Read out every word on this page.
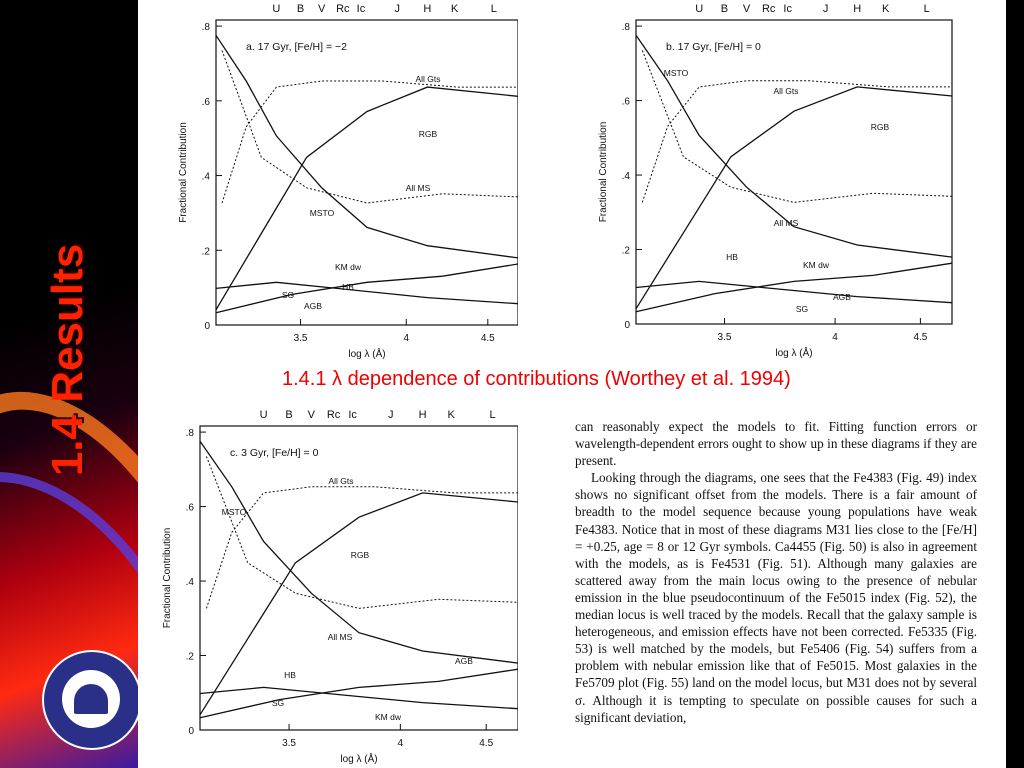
1.4 Results
U B V Rc Ic	J H K	L
0
.2
.4
.6
.8
3.5	4	4.5
log λ (Å)
Fractional Contribution
a. 17 Gyr, [Fe/H] = −2
All Gts
RGB
All MS
MSTO
KM dw
HB
SG
AGB
U B V Rc Ic	J H K	L
0
.2
.4
.6
.8
3.5	4	4.5
log λ (Å)
Fractional Contribution
b. 17 Gyr, [Fe/H] = 0
MSTO
All Gts
RGB
All MS
HB
KM dw
AGB
SG
U B V Rc Ic	J H K	L
0
.2
.4
.6
.8
3.5	4	4.5
log λ (Å)
Fractional Contribution
c. 3 Gyr, [Fe/H] = 0
All Gts
MSTO
RGB
All MS
HB
SG
KM dw
AGB
1.4.1 λ dependence of contributions (Worthey et al. 1994)

can reasonably expect the models to fit. Fitting function errors or wavelength-dependent errors ought to show up in these diagrams if they are present.

Looking through the diagrams, one sees that the Fe4383 (Fig. 49) index shows no significant offset from the models. There is a fair amount of breadth to the model sequence because young populations have weak Fe4383. Notice that in most of these diagrams M31 lies close to the [Fe/H] = +0.25, age = 8 or 12 Gyr symbols. Ca4455 (Fig. 50) is also in agreement with the models, as is Fe4531 (Fig. 51). Although many galaxies are scattered away from the main locus owing to the presence of nebular emission in the blue pseudocontinuum of the Fe5015 index (Fig. 52), the median locus is well traced by the models. Recall that the galaxy sample is heterogeneous, and emission effects have not been corrected. Fe5335 (Fig. 53) is well matched by the models, but Fe5406 (Fig. 54) suffers from a problem with nebular emission like that of Fe5015. Most galaxies in the Fe5709 plot (Fig. 55) land on the model locus, but M31 does not by several σ. Although it is tempting to speculate on possible causes for such a significant deviation,
